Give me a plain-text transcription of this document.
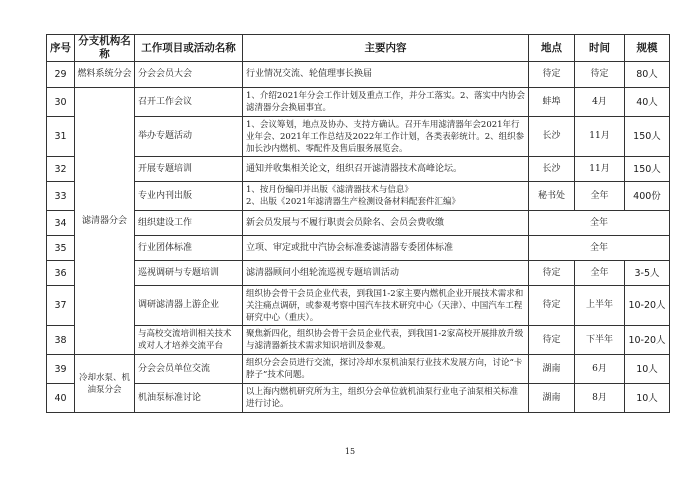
序号	分支机构名称	工作项目或活动名称	主要内容	地点	时间	规模
29	燃料系统分会	分会会员大会	行业情况交流、轮值理事长换届	待定	待定	80人
30	滤清器分会	召开工作会议	1、介绍2021年分会工作计划及重点工作，并分工落实。2、落实中内协会滤清器分会换届事宜。	蚌埠	4月	40人
31		举办专题活动	1、会议筹划，地点及协办、支持方确认。召开车用滤清器年会2021年行业年会、2021年工作总结及2022年工作计划，各类表彰统计。2、组织参加长沙内燃机、零配件及售后服务展览会。	长沙	11月	150人
32		开展专题培训	通知并收集相关论文，组织召开滤清器技术高峰论坛。	长沙	11月	150人
33		专业内刊出版	1、按月份编印并出版《滤清器技术与信息》
2、出版《2021年滤清器生产检测设备材料配套件汇编》	秘书处	全年	400份
34		组织建设工作	新会员发展与不履行职责会员除名、会员会费收缴	全年		
35		行业团体标准	立项、审定或批中汽协会标准委滤清器专委团体标准	全年		
36		巡视调研与专题培训	滤清器顾问小组轮流巡视专题培训活动	待定	全年	3-5人
37		调研滤清器上游企业	组织协会骨干会员企业代表，到我国1-2家主要内燃机企业开展技术需求和关注痛点调研，或参观考察中国汽车技术研究中心（天津）、中国汽车工程研究中心（重庆）。	待定	上半年	10-20人
38		与高校交流培训相关技术或对人才培养交流平台	聚焦新四化，组织协会骨干会员企业代表，到我国1-2家高校开展排放升级与滤清器新技术需求知识培训及参观。	待定	下半年	10-20人
39	冷却水泵、机油泵分会	分会会员单位交流	组织分会会员进行交流，探讨冷却水泵机油泵行业技术发展方向，讨论“卡脖子”技术问题。	湖南	6月	10人
40		机油泵标准讨论	以上海内燃机研究所为主，组织分会单位就机油泵行业电子油泵相关标准进行讨论。	湖南	8月	10人
15
